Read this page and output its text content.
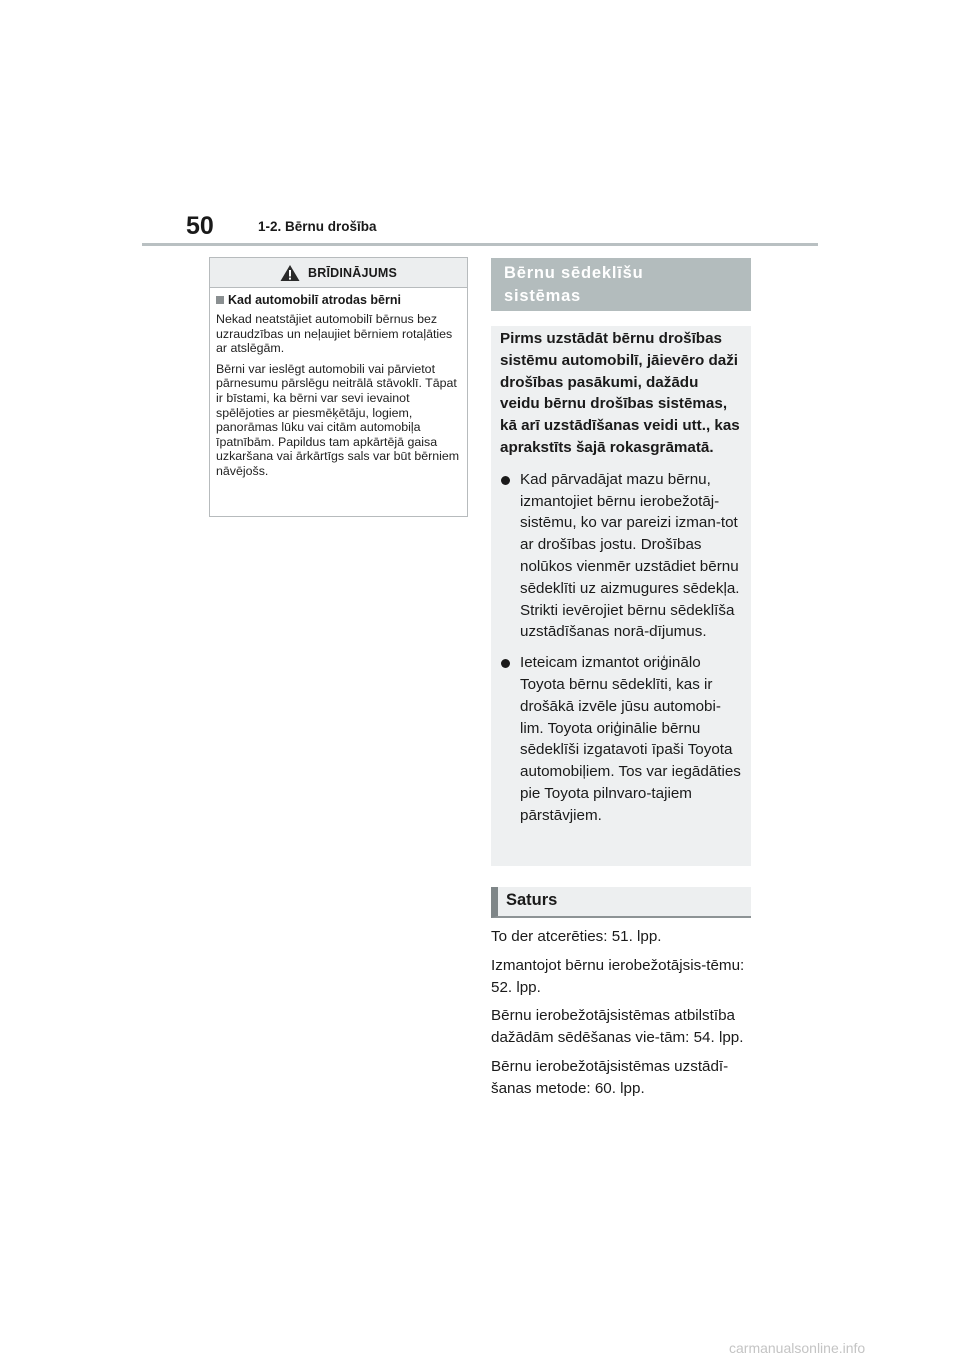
50	1-2. Bērnu drošība
BRĪDINĀJUMS
Kad automobilī atrodas bērni

Nekad neatstājiet automobilī bērnus bez uzraudzības un neļaujiet bērniem rotaļāties ar atslēgām.

Bērni var ieslēgt automobili vai pārvietot pārnesumu pārslēgu neitrālā stāvoklī. Tāpat ir bīstami, ka bērni var sevi ievainot spēlējoties ar piesmēķētāju, logiem, panorāmas lūku vai citām automobiļa īpatnībām. Papildus tam apkārtējā gaisa uzkaršana vai ārkārtīgs sals var būt bērniem nāvējošs.

Bērnu sēdeklīšu
sistēmas

Pirms uzstādāt bērnu drošības sistēmu automobilī, jāievēro daži drošības pasākumi, dažādu veidu bērnu drošības sistēmas, kā arī uzstādīšanas veidi utt., kas aprakstīts šajā rokasgrāmatā.

Kad pārvadājat mazu bērnu, izmantojiet bērnu ierobežotāj-sistēmu, ko var pareizi izman-tot ar drošības jostu. Drošības nolūkos vienmēr uzstādiet bērnu sēdeklīti uz aizmugures sēdekļa. Strikti ievērojiet bērnu sēdeklīša uzstādīšanas norā-dījumus.
Ieteicam izmantot oriģinālo Toyota bērnu sēdeklīti, kas ir drošākā izvēle jūsu automobi-lim. Toyota oriģinālie bērnu sēdeklīši izgatavoti īpaši Toyota automobiļiem. Tos var iegādāties pie Toyota pilnvaro-tajiem pārstāvjiem.
Saturs

To der atcerēties: 51. lpp.

Izmantojot bērnu ierobežotājsis-tēmu: 52. lpp.

Bērnu ierobežotājsistēmas atbilstība dažādām sēdēšanas vie-tām: 54. lpp.

Bērnu ierobežotājsistēmas uzstādī-šanas metode: 60. lpp.

carmanualsonline.info
